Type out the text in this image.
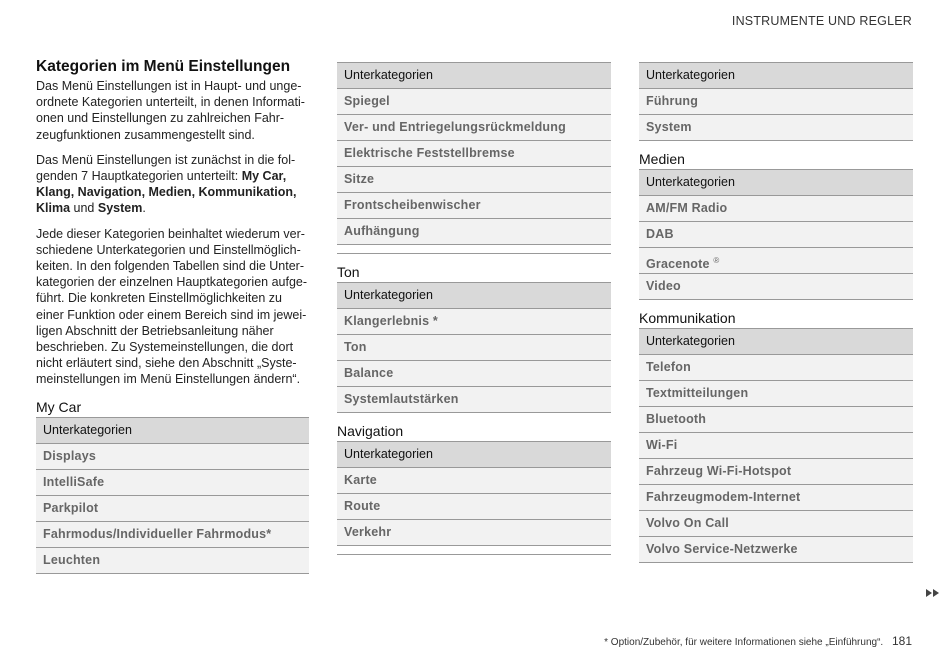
INSTRUMENTE UND REGLER
Kategorien im Menü Einstellungen

Das Menü Einstellungen ist in Haupt- und ungeordnete Kategorien unterteilt, in denen Informationen und Einstellungen zu zahlreichen Fahrzeugfunktionen zusammengestellt sind.

Das Menü Einstellungen ist zunächst in die folgenden 7 Hauptkategorien unterteilt: My Car, Klang, Navigation, Medien, Kommunikation, Klima und System.

Jede dieser Kategorien beinhaltet wiederum verschiedene Unterkategorien und Einstellmöglichkeiten. In den folgenden Tabellen sind die Unterkategorien der einzelnen Hauptkategorien aufgeführt. Die konkreten Einstellmöglichkeiten zu einer Funktion oder einem Bereich sind im jeweiligen Abschnitt der Betriebsanleitung näher beschrieben. Zu Systemeinstellungen, die dort nicht erläutert sind, siehe den Abschnitt „Systemeinstellungen im Menü Einstellungen ändern“.

My Car
Unterkategorien
Displays
IntelliSafe
Parkpilot
Fahrmodus/Individueller Fahrmodus*
Leuchten
Unterkategorien
Spiegel
Ver- und Entriegelungsrückmeldung
Elektrische Feststellbremse
Sitze
Frontscheibenwischer
Aufhängung
Ton
Unterkategorien
Klangerlebnis *
Ton
Balance
Systemlautstärken
Navigation
Unterkategorien
Karte
Route
Verkehr
Unterkategorien
Führung
System
Medien
Unterkategorien
AM/FM Radio
DAB
Gracenote ®
Video
Kommunikation
Unterkategorien
Telefon
Textmitteilungen
Bluetooth
Wi-Fi
Fahrzeug Wi-Fi-Hotspot
Fahrzeugmodem-Internet
Volvo On Call
Volvo Service-Netzwerke
* Option/Zubehör, für weitere Informationen siehe „Einführung“. 181
